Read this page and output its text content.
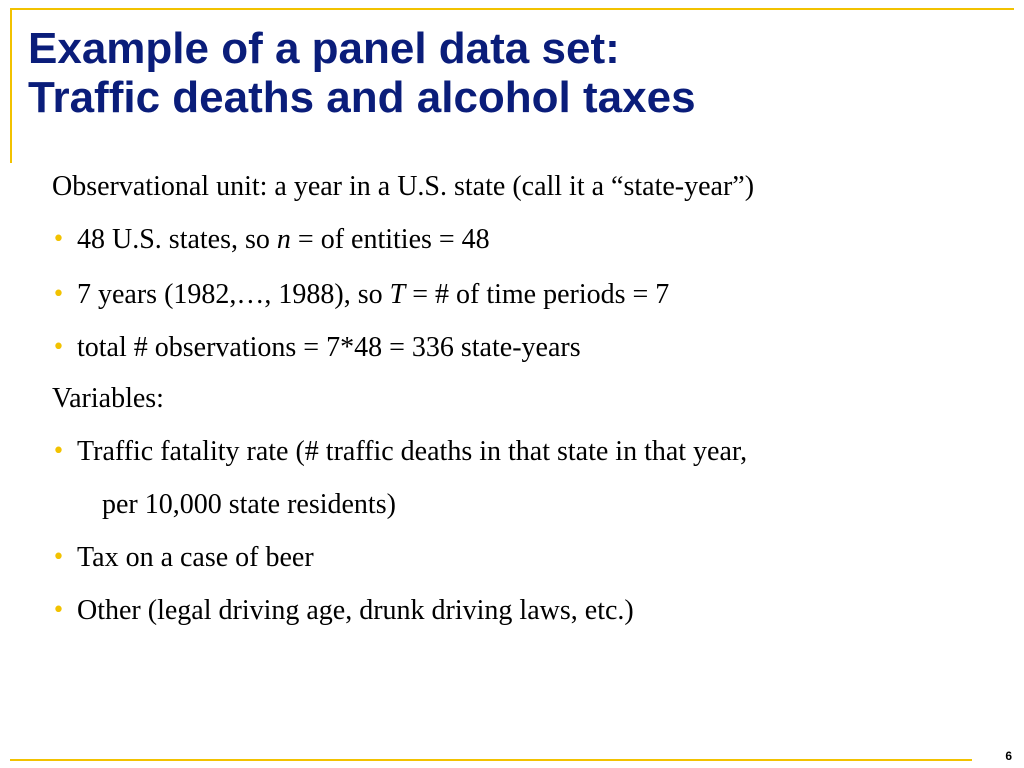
Example of a panel data set:
Traffic deaths and alcohol taxes
Observational unit: a year in a U.S. state (call it a “state-year”)
• 48 U.S. states, so n = of entities = 48
• 7 years (1982,…, 1988), so T = # of time periods = 7
• total # observations = 7*48 = 336 state-years
Variables:
• Traffic fatality rate (# traffic deaths in that state in that year,
per 10,000 state residents)
• Tax on a case of beer
• Other (legal driving age, drunk driving laws, etc.)
6
